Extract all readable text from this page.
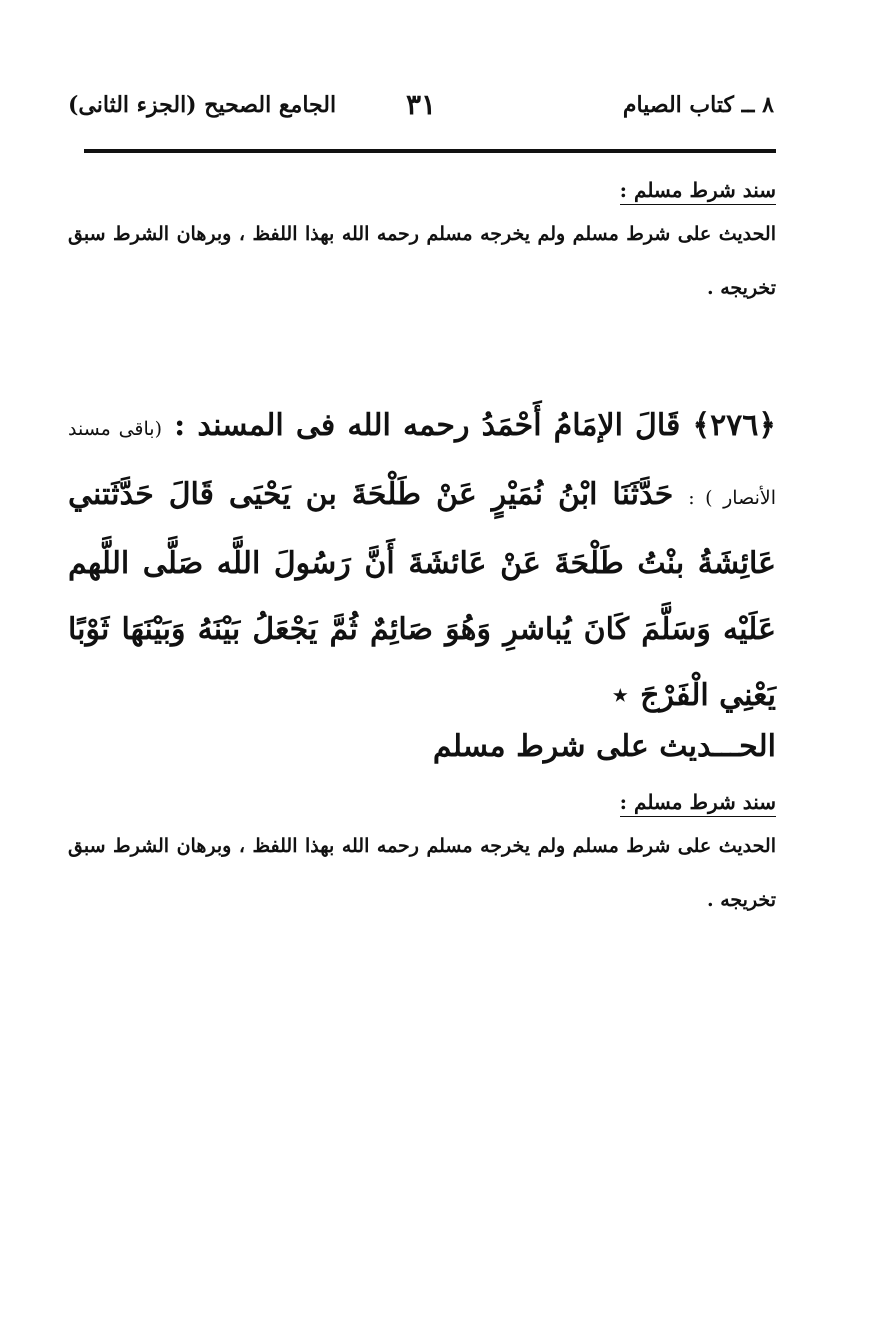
٨ ــ كتاب الصيام
٣١
الجامع الصحيح (الجزء الثانى)
سند شرط مسلم :

الحديث على شرط مسلم ولم يخرجه مسلم رحمه الله بهذا اللفظ ، وبرهان الشرط سبق تخريجه .

﴿٢٧٦﴾ قَالَ الإمَامُ أَحْمَدُ رحمه الله فى المسند : (باقى مسند الأنصار ) : حَدَّثَنَا ابْنُ نُمَيْرٍ عَنْ طَلْحَةَ بن يَحْيَى قَالَ حَدَّثَتني عَائِشَةُ بنْتُ طَلْحَةَ عَنْ عَائشَةَ أَنَّ رَسُولَ اللَّه صَلَّى اللَّهم عَلَيْه وَسَلَّمَ كَانَ يُباشرِ وَهُوَ صَائِمٌ ثُمَّ يَجْعَلُ بَيْنَهُ وَبَيْنَهَا ثَوْبًا يَعْنِي الْفَرْجَ ⋆

الحـــديث على شرط مسلم

سند شرط مسلم :

الحديث على شرط مسلم ولم يخرجه مسلم رحمه الله بهذا اللفظ ، وبرهان الشرط سبق تخريجه .
